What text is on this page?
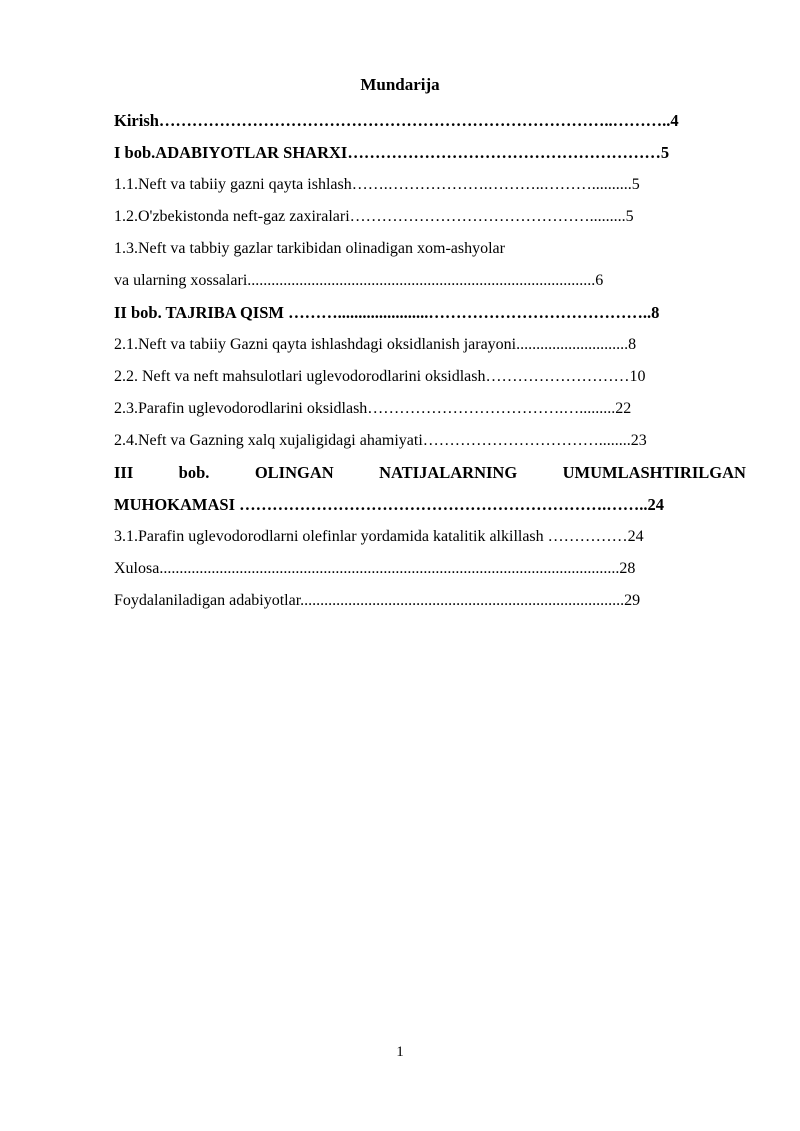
Mundarija
Kirish………………………………………………………………………..………..4
I bob.ADABIYOTLAR SHARXI…………………………………………………5
1.1.Neft va tabiiy gazni qayta ishlash…….……………….………..………..........5
1.2.O'zbekistonda neft-gaz zaxiralari……………………………………….........5
1.3.Neft va tabbiy gazlar tarkibidan olinadigan xom-ashyolar
va ularning xossalari.......................................................................................6
II bob. TAJRIBA QISM ………......................…………………………………..8
2.1.Neft va tabiiy Gazni qayta ishlashdagi oksidlanish jarayoni............................8
2.2. Neft va neft mahsulotlari uglevodorodlarini oksidlash………………………10
2.3.Parafin uglevodorodlarini oksidlash……………………………….….........22
2.4.Neft va Gazning xalq xujaligidagi ahamiyati……………………………........23
III	bob.	OLINGAN	NATIJALARNING	UMUMLASHTIRILGAN
MUHOKAMASI ………………………………………………………….……..24
3.1.Parafin uglevodorodlarni olefinlar yordamida katalitik alkillash ……………24
Xulosa...................................................................................................................28
Foydalaniladigan adabiyotlar.................................................................................29
1
